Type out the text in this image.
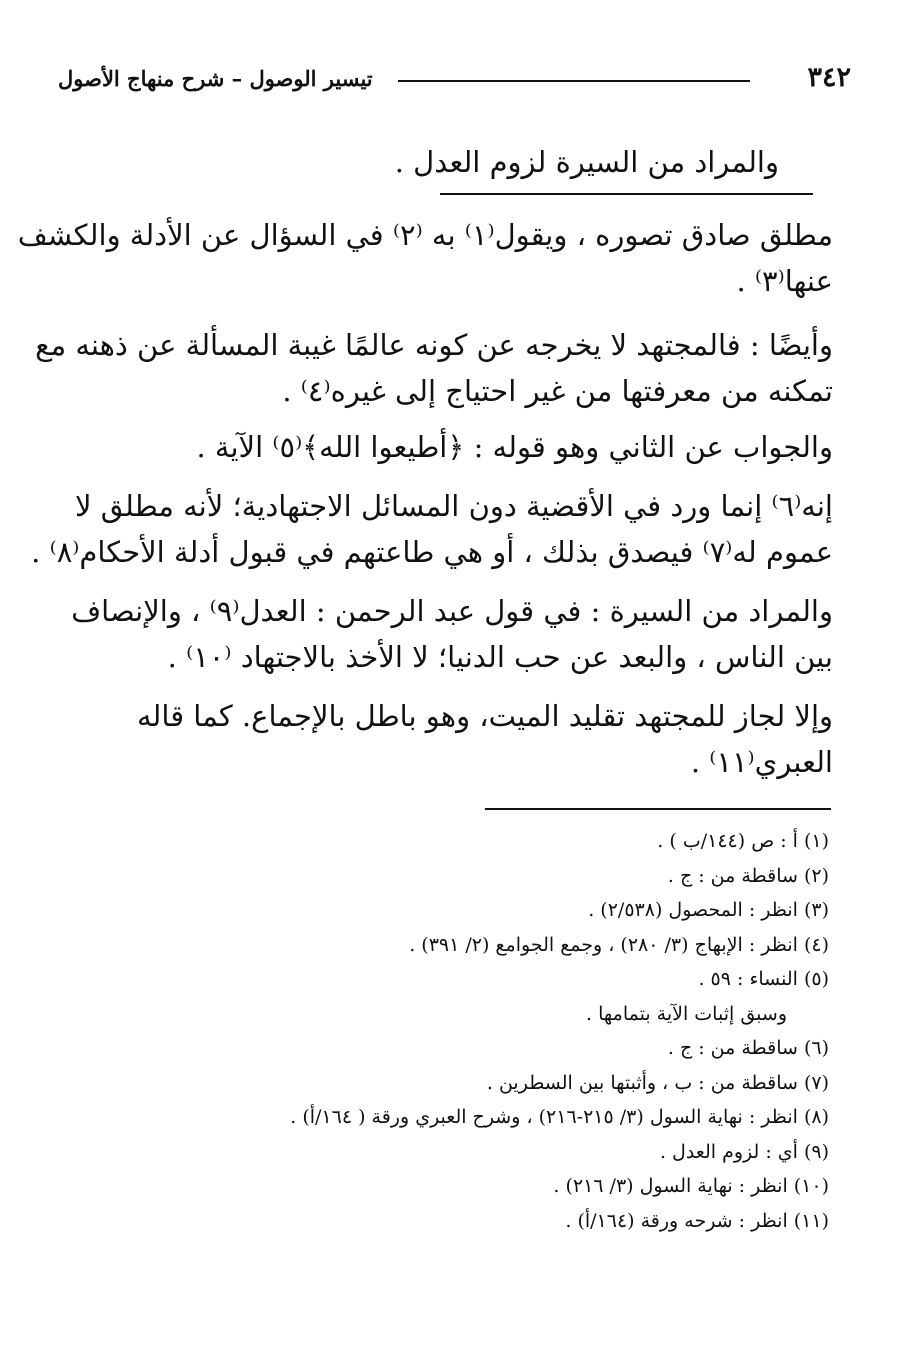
٣٤٢
تيسير الوصول – شرح منهاج الأصول
والمراد من السيرة لزوم العدل .
مطلق صادق تصوره ، ويقول⁽١⁾ به ⁽٢⁾ في السؤال عن الأدلة والكشف
عنها⁽٣⁾ .
وأيضًا : فالمجتهد لا يخرجه عن كونه عالمًا غيبة المسألة عن ذهنه مع
تمكنه من معرفتها من غير احتياج إلى غيره⁽٤⁾ .
والجواب عن الثاني وهو قوله : ﴿أطيعوا الله﴾⁽٥⁾ الآية .
إنه⁽٦⁾ إنما ورد في الأقضية دون المسائل الاجتهادية؛ لأنه مطلق لا
عموم له⁽٧⁾ فيصدق بذلك ، أو هي طاعتهم في قبول أدلة الأحكام⁽٨⁾ .
والمراد من السيرة : في قول عبد الرحمن : العدل⁽٩⁾ ، والإنصاف
بين الناس ، والبعد عن حب الدنيا؛ لا الأخذ بالاجتهاد ⁽١٠⁾ .
وإلا لجاز للمجتهد تقليد الميت، وهو باطل بالإجماع. كما قاله
العبري⁽١١⁾ .
(١)أ : ص (١٤٤/ب ) .
(٢)ساقطة من : ج .
(٣)انظر : المحصول (٢/٥٣٨) .
(٤)انظر : الإبهاج (٣/ ٢٨٠) ، وجمع الجوامع (٢/ ٣٩١) .
(٥)النساء : ٥٩ .
وسبق إثبات الآية بتمامها .
(٦)ساقطة من : ج .
(٧)ساقطة من : ب ، وأثبتها بين السطرين .
(٨)انظر : نهاية السول (٣/ ٢١٥-٢١٦) ، وشرح العبري ورقة ( ١٦٤/أ) .
(٩)أي : لزوم العدل .
(١٠)انظر : نهاية السول (٣/ ٢١٦) .
(١١)انظر : شرحه ورقة (١٦٤/أ) .
